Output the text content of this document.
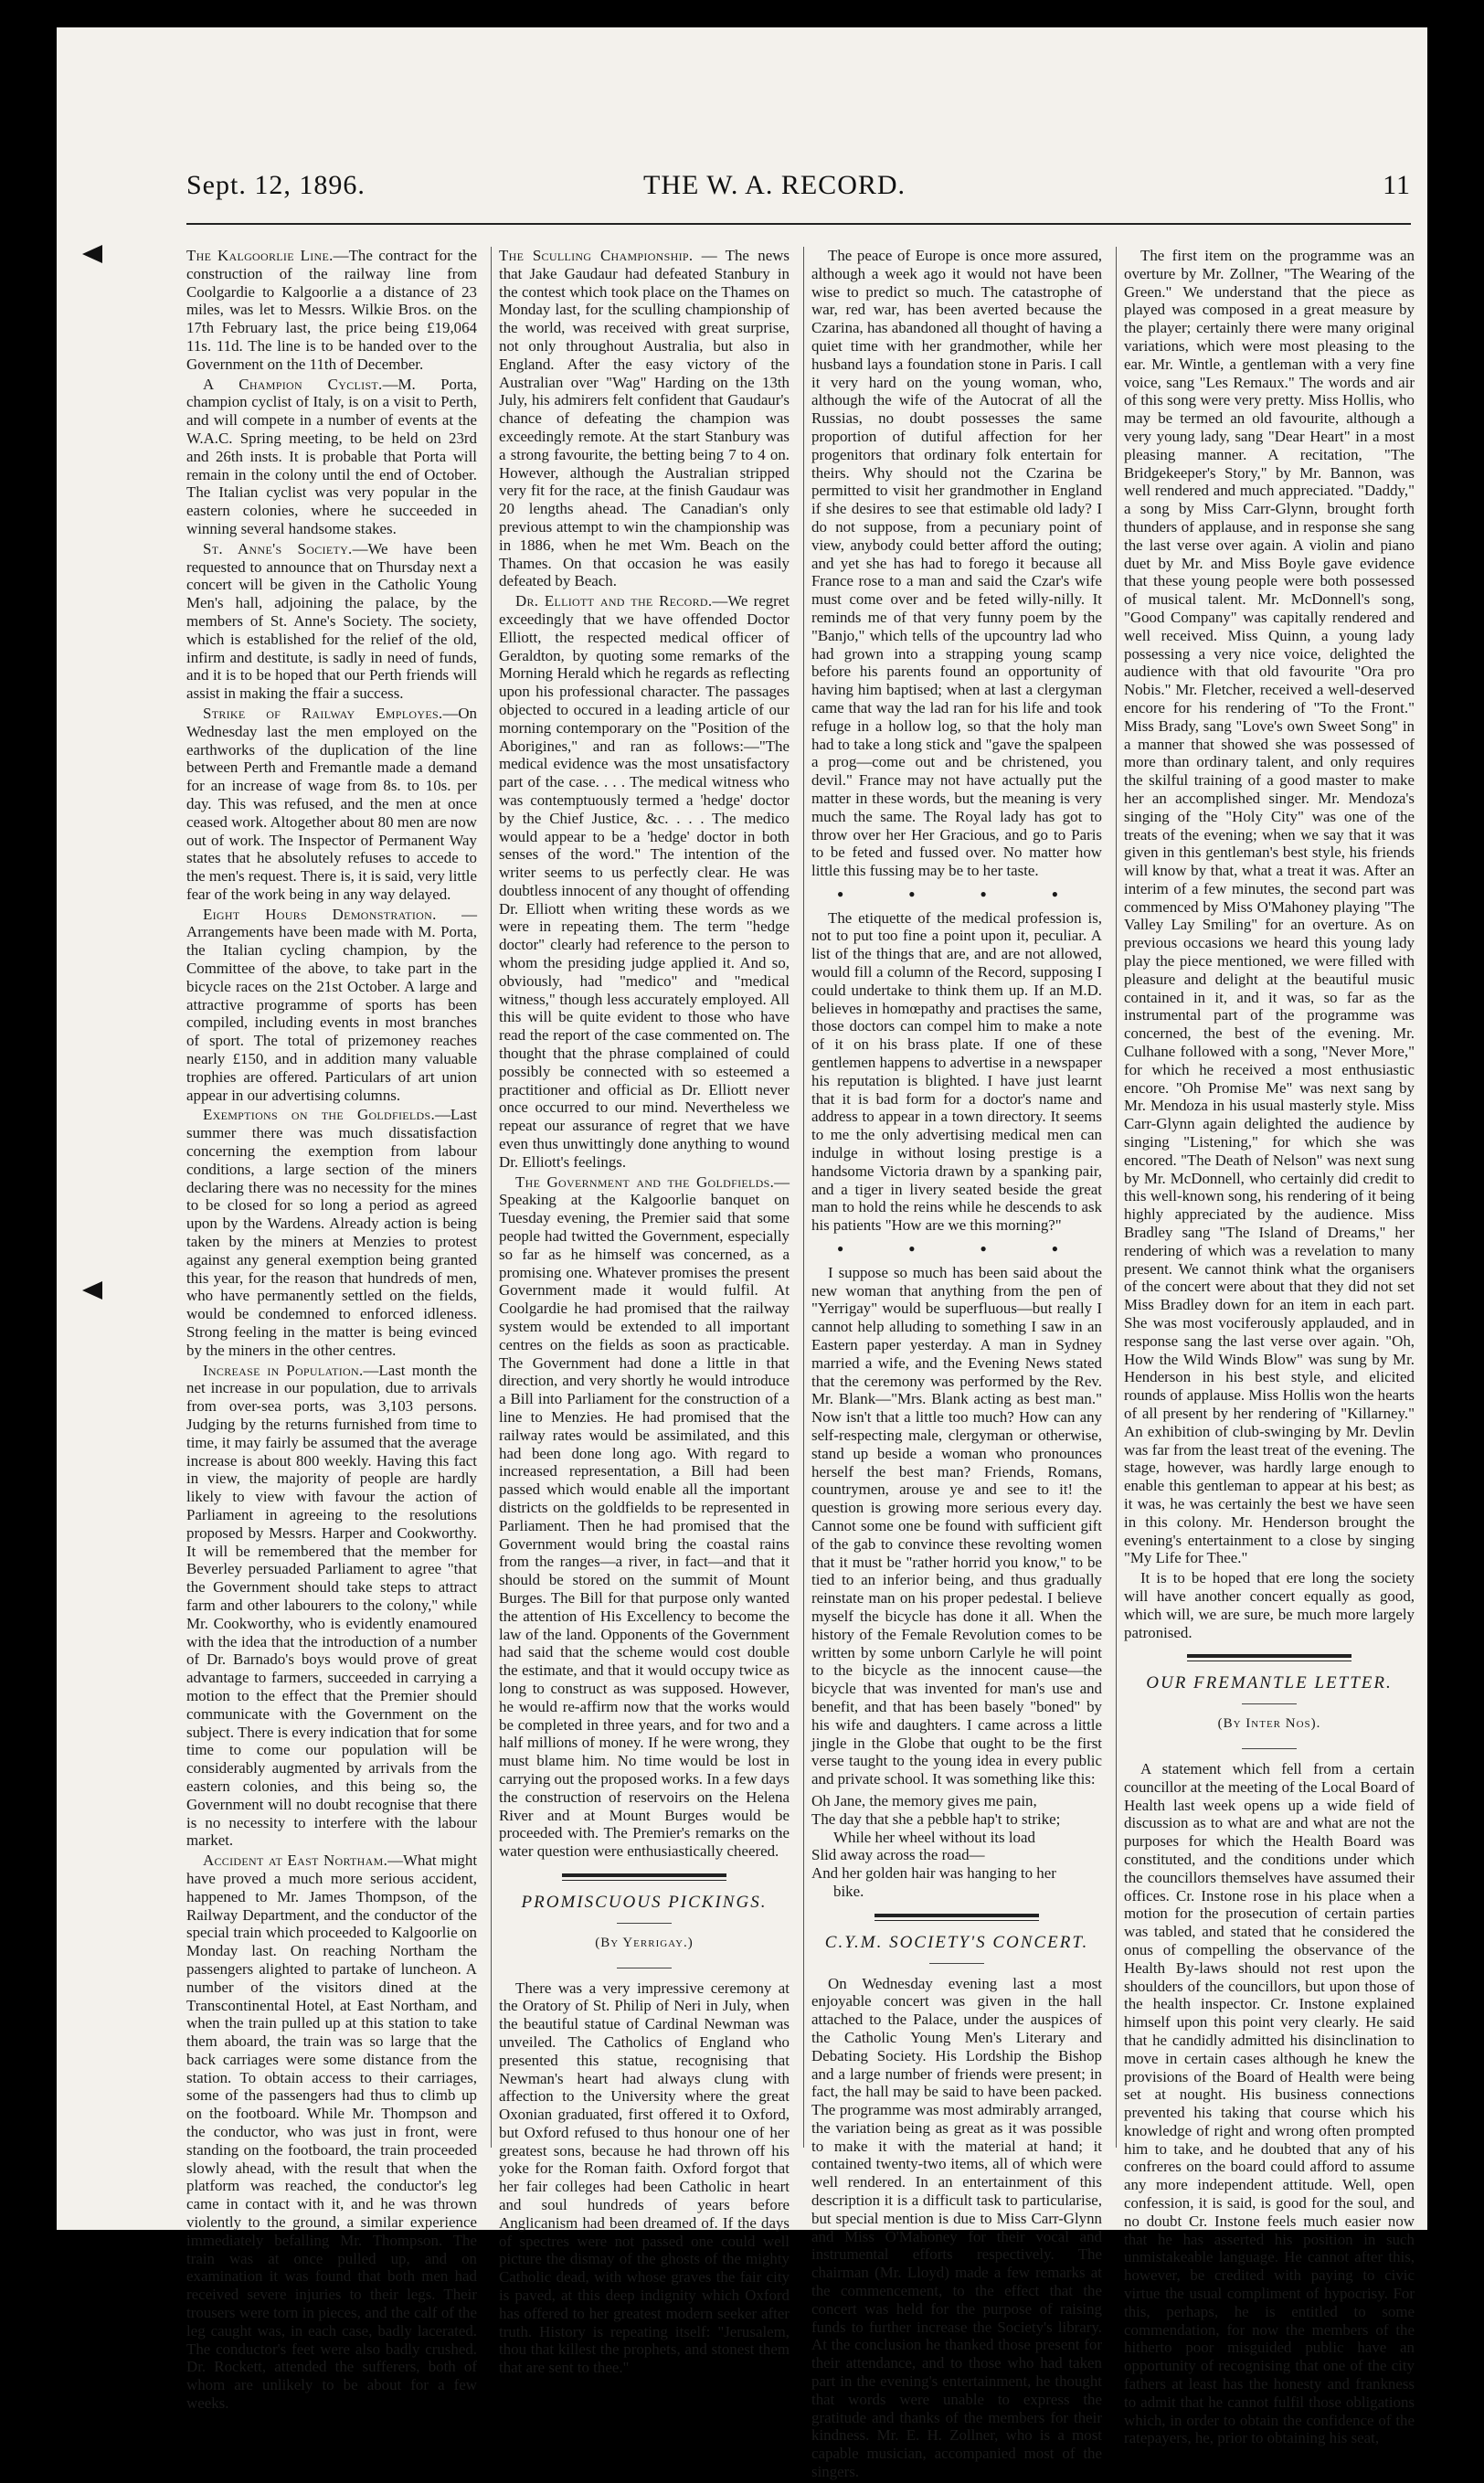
Sept. 12, 1896.	THE W. A. RECORD.	11

The Kalgoorlie Line.—The contract for the construction of the railway line from Coolgardie to Kalgoorlie a a distance of 23 miles, was let to Messrs. Wilkie Bros. on the 17th February last, the price being £19,064 11s. 11d. The line is to be handed over to the Government on the 11th of December.

A Champion Cyclist.—M. Porta, champion cyclist of Italy, is on a visit to Perth, and will compete in a number of events at the W.A.C. Spring meeting, to be held on 23rd and 26th insts. It is probable that Porta will remain in the colony until the end of October. The Italian cyclist was very popular in the eastern colonies, where he succeeded in winning several handsome stakes.

St. Anne's Society.—We have been requested to announce that on Thursday next a concert will be given in the Catholic Young Men's hall, adjoining the palace, by the members of St. Anne's Society. The society, which is established for the relief of the old, infirm and destitute, is sadly in need of funds, and it is to be hoped that our Perth friends will assist in making the ffair a success.

Strike of Railway Employes.—On Wednesday last the men employed on the earthworks of the duplication of the line between Perth and Fremantle made a demand for an increase of wage from 8s. to 10s. per day. This was refused, and the men at once ceased work. Altogether about 80 men are now out of work. The Inspector of Permanent Way states that he absolutely refuses to accede to the men's request. There is, it is said, very little fear of the work being in any way delayed.

Eight Hours Demonstration. — Arrangements have been made with M. Porta, the Italian cycling champion, by the Committee of the above, to take part in the bicycle races on the 21st October. A large and attractive programme of sports has been compiled, including events in most branches of sport. The total of prizemoney reaches nearly £150, and in addition many valuable trophies are offered. Particulars of art union appear in our advertising columns.

Exemptions on the Goldfields.—Last summer there was much dissatisfaction concerning the exemption from labour conditions, a large section of the miners declaring there was no necessity for the mines to be closed for so long a period as agreed upon by the Wardens. Already action is being taken by the miners at Menzies to protest against any general exemption being granted this year, for the reason that hundreds of men, who have permanently settled on the fields, would be condemned to enforced idleness. Strong feeling in the matter is being evinced by the miners in the other centres.

Increase in Population.—Last month the net increase in our population, due to arrivals from over-sea ports, was 3,103 persons. Judging by the returns furnished from time to time, it may fairly be assumed that the average increase is about 800 weekly. Having this fact in view, the majority of people are hardly likely to view with favour the action of Parliament in agreeing to the resolutions proposed by Messrs. Harper and Cookworthy. It will be remembered that the member for Beverley persuaded Parliament to agree "that the Government should take steps to attract farm and other labourers to the colony," while Mr. Cookworthy, who is evidently enamoured with the idea that the introduction of a number of Dr. Barnado's boys would prove of great advantage to farmers, succeeded in carrying a motion to the effect that the Premier should communicate with the Government on the subject. There is every indication that for some time to come our population will be considerably augmented by arrivals from the eastern colonies, and this being so, the Government will no doubt recognise that there is no necessity to interfere with the labour market.

Accident at East Northam.—What might have proved a much more serious accident, happened to Mr. James Thompson, of the Railway Department, and the conductor of the special train which proceeded to Kalgoorlie on Monday last. On reaching Northam the passengers alighted to partake of luncheon. A number of the visitors dined at the Transcontinental Hotel, at East Northam, and when the train pulled up at this station to take them aboard, the train was so large that the back carriages were some distance from the station. To obtain access to their carriages, some of the passengers had thus to climb up on the footboard. While Mr. Thompson and the conductor, who was just in front, were standing on the footboard, the train proceeded slowly ahead, with the result that when the platform was reached, the conductor's leg came in contact with it, and he was thrown violently to the ground, a similar experience immediately befalling Mr. Thompson. The train was at once pulled up, and on examination it was found that both men had received severe injuries to their legs. Their trousers were torn in pieces, and the calf of the leg caught was, in each case, badly lacerated. The conductor's feet were also badly crushed. Dr. Rockett, attended the sufferers, both of whom are unlikely to be about for a few weeks.

The Sculling Championship. — The news that Jake Gaudaur had defeated Stanbury in the contest which took place on the Thames on Monday last, for the sculling championship of the world, was received with great surprise, not only throughout Australia, but also in England. After the easy victory of the Australian over "Wag" Harding on the 13th July, his admirers felt confident that Gaudaur's chance of defeating the champion was exceedingly remote. At the start Stanbury was a strong favourite, the betting being 7 to 4 on. However, although the Australian stripped very fit for the race, at the finish Gaudaur was 20 lengths ahead. The Canadian's only previous attempt to win the championship was in 1886, when he met Wm. Beach on the Thames. On that occasion he was easily defeated by Beach.

Dr. Elliott and the Record.—We regret exceedingly that we have offended Doctor Elliott, the respected medical officer of Geraldton, by quoting some remarks of the Morning Herald which he regards as reflecting upon his professional character. The passages objected to occured in a leading article of our morning contemporary on the "Position of the Aborigines," and ran as follows:—"The medical evidence was the most unsatisfactory part of the case. . . . The medical witness who was contemptuously termed a 'hedge' doctor by the Chief Justice, &c. . . . The medico would appear to be a 'hedge' doctor in both senses of the word." The intention of the writer seems to us perfectly clear. He was doubtless innocent of any thought of offending Dr. Elliott when writing these words as we were in repeating them. The term "hedge doctor" clearly had reference to the person to whom the presiding judge applied it. And so, obviously, had "medico" and "medical witness," though less accurately employed. All this will be quite evident to those who have read the report of the case commented on. The thought that the phrase complained of could possibly be connected with so esteemed a practitioner and official as Dr. Elliott never once occurred to our mind. Nevertheless we repeat our assurance of regret that we have even thus unwittingly done anything to wound Dr. Elliott's feelings.

The Government and the Goldfields.—Speaking at the Kalgoorlie banquet on Tuesday evening, the Premier said that some people had twitted the Government, especially so far as he himself was concerned, as a promising one. Whatever promises the present Government made it would fulfil. At Coolgardie he had promised that the railway system would be extended to all important centres on the fields as soon as practicable. The Government had done a little in that direction, and very shortly he would introduce a Bill into Parliament for the construction of a line to Menzies. He had promised that the railway rates would be assimilated, and this had been done long ago. With regard to increased representation, a Bill had been passed which would enable all the important districts on the goldfields to be represented in Parliament. Then he had promised that the Government would bring the coastal rains from the ranges—a river, in fact—and that it should be stored on the summit of Mount Burges. The Bill for that purpose only wanted the attention of His Excellency to become the law of the land. Opponents of the Government had said that the scheme would cost double the estimate, and that it would occupy twice as long to construct as was supposed. However, he would re-affirm now that the works would be completed in three years, and for two and a half millions of money. If he were wrong, they must blame him. No time would be lost in carrying out the proposed works. In a few days the construction of reservoirs on the Helena River and at Mount Burges would be proceeded with. The Premier's remarks on the water question were enthusiastically cheered.

PROMISCUOUS PICKINGS.
(By Yerrigay.)

There was a very impressive ceremony at the Oratory of St. Philip of Neri in July, when the beautiful statue of Cardinal Newman was unveiled. The Catholics of England who presented this statue, recognising that Newman's heart had always clung with affection to the University where the great Oxonian graduated, first offered it to Oxford, but Oxford refused to thus honour one of her greatest sons, because he had thrown off his yoke for the Roman faith. Oxford forgot that her fair colleges had been Catholic in heart and soul hundreds of years before Anglicanism had been dreamed of. If the days of spectres were not passed one could well picture the dismay of the ghosts of the mighty Catholic dead, with whose graves the fair city is paved, at this deep indignity which Oxford has offered to her greatest modern seeker after truth. History is repeating itself: "Jerusalem, thou that killest the prophets, and stonest them that are sent to thee."

The peace of Europe is once more assured, although a week ago it would not have been wise to predict so much. The catastrophe of war, red war, has been averted because the Czarina, has abandoned all thought of having a quiet time with her grandmother, while her husband lays a foundation stone in Paris. I call it very hard on the young woman, who, although the wife of the Autocrat of all the Russias, no doubt possesses the same proportion of dutiful affection for her progenitors that ordinary folk entertain for theirs. Why should not the Czarina be permitted to visit her grandmother in England if she desires to see that estimable old lady? I do not suppose, from a pecuniary point of view, anybody could better afford the outing; and yet she has had to forego it because all France rose to a man and said the Czar's wife must come over and be feted willy-nilly. It reminds me of that very funny poem by the "Banjo," which tells of the upcountry lad who had grown into a strapping young scamp before his parents found an opportunity of having him baptised; when at last a clergyman came that way the lad ran for his life and took refuge in a hollow log, so that the holy man had to take a long stick and "gave the spalpeen a prog—come out and be christened, you devil." France may not have actually put the matter in these words, but the meaning is very much the same. The Royal lady has got to throw over her Her Gracious, and go to Paris to be feted and fussed over. No matter how little this fussing may be to her taste.

● ● ● ●

The etiquette of the medical profession is, not to put too fine a point upon it, peculiar. A list of the things that are, and are not allowed, would fill a column of the Record, supposing I could undertake to think them up. If an M.D. believes in homœpathy and practises the same, those doctors can compel him to make a note of it on his brass plate. If one of these gentlemen happens to advertise in a newspaper his reputation is blighted. I have just learnt that it is bad form for a doctor's name and address to appear in a town directory. It seems to me the only advertising medical men can indulge in without losing prestige is a handsome Victoria drawn by a spanking pair, and a tiger in livery seated beside the great man to hold the reins while he descends to ask his patients "How are we this morning?"

● ● ● ●

I suppose so much has been said about the new woman that anything from the pen of "Yerrigay" would be superfluous—but really I cannot help alluding to something I saw in an Eastern paper yesterday. A man in Sydney married a wife, and the Evening News stated that the ceremony was performed by the Rev. Mr. Blank—"Mrs. Blank acting as best man." Now isn't that a little too much? How can any self-respecting male, clergyman or otherwise, stand up beside a woman who pronounces herself the best man? Friends, Romans, countrymen, arouse ye and see to it! the question is growing more serious every day. Cannot some one be found with sufficient gift of the gab to convince these revolting women that it must be "rather horrid you know," to be tied to an inferior being, and thus gradually reinstate man on his proper pedestal. I believe myself the bicycle has done it all. When the history of the Female Revolution comes to be written by some unborn Carlyle he will point to the bicycle as the innocent cause—the bicycle that was invented for man's use and benefit, and that has been basely "boned" by his wife and daughters. I came across a little jingle in the Globe that ought to be the first verse taught to the young idea in every public and private school. It was something like this:

Oh Jane, the memory gives me pain,
The day that she a pebble hap't to strike;
While her wheel without its load
Slid away across the road—
And her golden hair was hanging to her
bike.
C.Y.M. SOCIETY'S CONCERT.

On Wednesday evening last a most enjoyable concert was given in the hall attached to the Palace, under the auspices of the Catholic Young Men's Literary and Debating Society. His Lordship the Bishop and a large number of friends were present; in fact, the hall may be said to have been packed. The programme was most admirably arranged, the variation being as great as it was possible to make it with the material at hand; it contained twenty-two items, all of which were well rendered. In an entertainment of this description it is a difficult task to particularise, but special mention is due to Miss Carr-Glynn and Miss O'Mahoney for their vocal and instrumental efforts respectively. The chairman (Mr. Lloyd) made a few remarks at the commencement, to the effect that the concert was held for the purpose of raising funds to further increase the Society's library. At the conclusion he thanked those present for their attendance, and to those who had taken part in the evening's entertainment, he thought that words were unable to express the gratitude and thanks of the members for their kindness. Mr. E. H. Zollner, who is a most capable musician, accompanied most of the singers.

The first item on the programme was an overture by Mr. Zollner, "The Wearing of the Green." We understand that the piece as played was composed in a great measure by the player; certainly there were many original variations, which were most pleasing to the ear. Mr. Wintle, a gentleman with a very fine voice, sang "Les Remaux." The words and air of this song were very pretty. Miss Hollis, who may be termed an old favourite, although a very young lady, sang "Dear Heart" in a most pleasing manner. A recitation, "The Bridgekeeper's Story," by Mr. Bannon, was well rendered and much appreciated. "Daddy," a song by Miss Carr-Glynn, brought forth thunders of applause, and in response she sang the last verse over again. A violin and piano duet by Mr. and Miss Boyle gave evidence that these young people were both possessed of musical talent. Mr. McDonnell's song, "Good Company" was capitally rendered and well received. Miss Quinn, a young lady possessing a very nice voice, delighted the audience with that old favourite "Ora pro Nobis." Mr. Fletcher, received a well-deserved encore for his rendering of "To the Front." Miss Brady, sang "Love's own Sweet Song" in a manner that showed she was possessed of more than ordinary talent, and only requires the skilful training of a good master to make her an accomplished singer. Mr. Mendoza's singing of the "Holy City" was one of the treats of the evening; when we say that it was given in this gentleman's best style, his friends will know by that, what a treat it was. After an interim of a few minutes, the second part was commenced by Miss O'Mahoney playing "The Valley Lay Smiling" for an overture. As on previous occasions we heard this young lady play the piece mentioned, we were filled with pleasure and delight at the beautiful music contained in it, and it was, so far as the instrumental part of the programme was concerned, the best of the evening. Mr. Culhane followed with a song, "Never More," for which he received a most enthusiastic encore. "Oh Promise Me" was next sang by Mr. Mendoza in his usual masterly style. Miss Carr-Glynn again delighted the audience by singing "Listening," for which she was encored. "The Death of Nelson" was next sung by Mr. McDonnell, who certainly did credit to this well-known song, his rendering of it being highly appreciated by the audience. Miss Bradley sang "The Island of Dreams," her rendering of which was a revelation to many present. We cannot think what the organisers of the concert were about that they did not set Miss Bradley down for an item in each part. She was most vociferously applauded, and in response sang the last verse over again. "Oh, How the Wild Winds Blow" was sung by Mr. Henderson in his best style, and elicited rounds of applause. Miss Hollis won the hearts of all present by her rendering of "Killarney." An exhibition of club-swinging by Mr. Devlin was far from the least treat of the evening. The stage, however, was hardly large enough to enable this gentleman to appear at his best; as it was, he was certainly the best we have seen in this colony. Mr. Henderson brought the evening's entertainment to a close by singing "My Life for Thee."

It is to be hoped that ere long the society will have another concert equally as good, which will, we are sure, be much more largely patronised.

OUR FREMANTLE LETTER.
(By Inter Nos).

A statement which fell from a certain councillor at the meeting of the Local Board of Health last week opens up a wide field of discussion as to what are and what are not the purposes for which the Health Board was constituted, and the conditions under which the councillors themselves have assumed their offices. Cr. Instone rose in his place when a motion for the prosecution of certain parties was tabled, and stated that he considered the onus of compelling the observance of the Health By-laws should not rest upon the shoulders of the councillors, but upon those of the health inspector. Cr. Instone explained himself upon this point very clearly. He said that he candidly admitted his disinclination to move in certain cases although he knew the provisions of the Board of Health were being set at nought. His business connections prevented his taking that course which his knowledge of right and wrong often prompted him to take, and he doubted that any of his confreres on the board could afford to assume any more independent attitude. Well, open confession, it is said, is good for the soul, and no doubt Cr. Instone feels much easier now that he has asserted his position in such unmistakeable language. He cannot after this, however, be credited with paying to civic virtue the usual compliment of hypocrisy. For this, perhaps, he is entitled to some commendation, for now the members of the hitherto poor misguided public have an opportunity of recognising that one of the city fathers at least has the honesty and frankness to admit that he cannot fulfil those obligations which, in order to obtain the confidence of the ratepayers, he, prior to obtaining his seat,
